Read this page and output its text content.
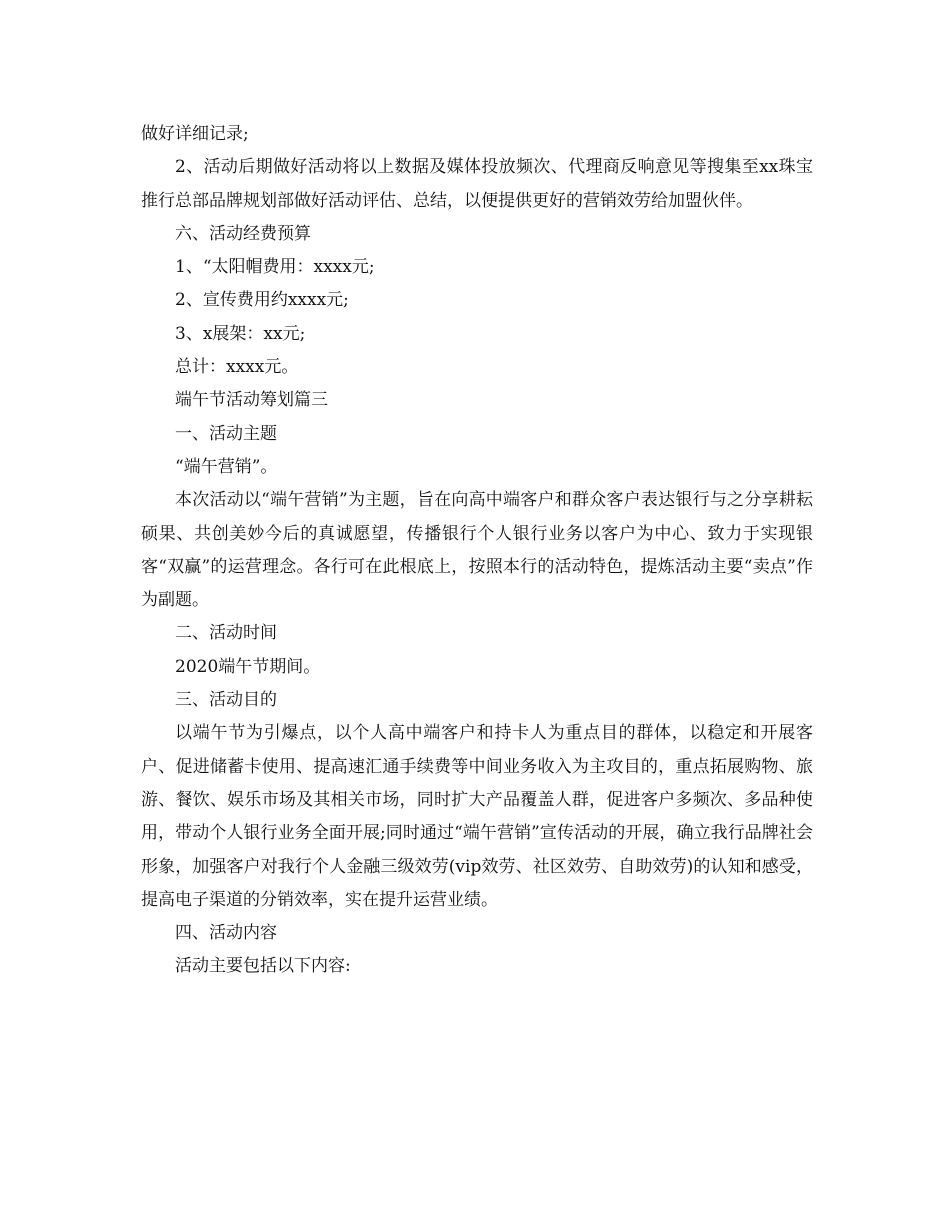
做好详细记录;

2、活动后期做好活动将以上数据及媒体投放频次、代理商反响意见等搜集至xx珠宝推行总部品牌规划部做好活动评估、总结，以便提供更好的营销效劳给加盟伙伴。

六、活动经费预算

1、“太阳帽费用：xxxx元;

2、宣传费用约xxxx元;

3、x展架：xx元;

总计：xxxx元。

端午节活动筹划篇三

一、活动主题

“端午营销”。

本次活动以“端午营销”为主题，旨在向高中端客户和群众客户表达银行与之分享耕耘硕果、共创美妙今后的真诚愿望，传播银行个人银行业务以客户为中心、致力于实现银客“双赢”的运营理念。各行可在此根底上，按照本行的活动特色，提炼活动主要“卖点”作为副题。

二、活动时间

2020端午节期间。

三、活动目的

以端午节为引爆点，以个人高中端客户和持卡人为重点目的群体，以稳定和开展客户、促进储蓄卡使用、提高速汇通手续费等中间业务收入为主攻目的，重点拓展购物、旅游、餐饮、娱乐市场及其相关市场，同时扩大产品覆盖人群，促进客户多频次、多品种使用，带动个人银行业务全面开展;同时通过“端午营销”宣传活动的开展，确立我行品牌社会形象，加强客户对我行个人金融三级效劳(vip效劳、社区效劳、自助效劳)的认知和感受，提高电子渠道的分销效率，实在提升运营业绩。

四、活动内容

活动主要包括以下内容:
